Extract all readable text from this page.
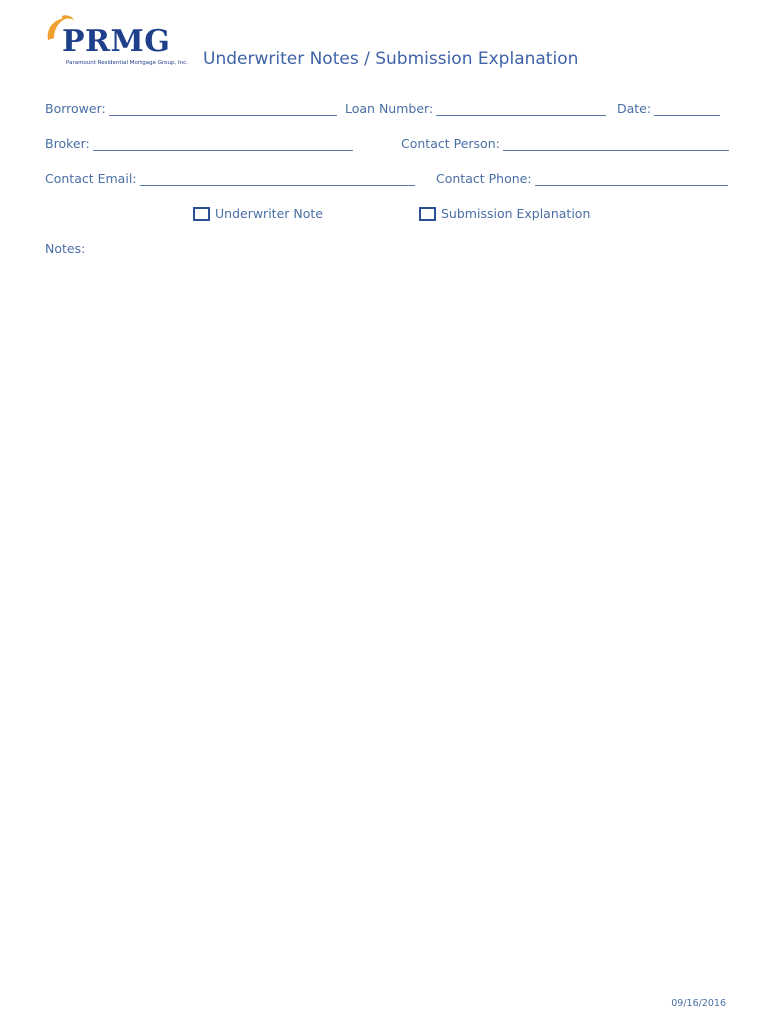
PRMG
Paramount Residential Mortgage Group, Inc. Underwriter Notes / Submission Explanation
Borrower:	Loan Number:	Date:
Broker:	Contact Person:
Contact Email:	Contact Phone:
Underwriter Note	Submission Explanation
Notes:
09/16/2016
